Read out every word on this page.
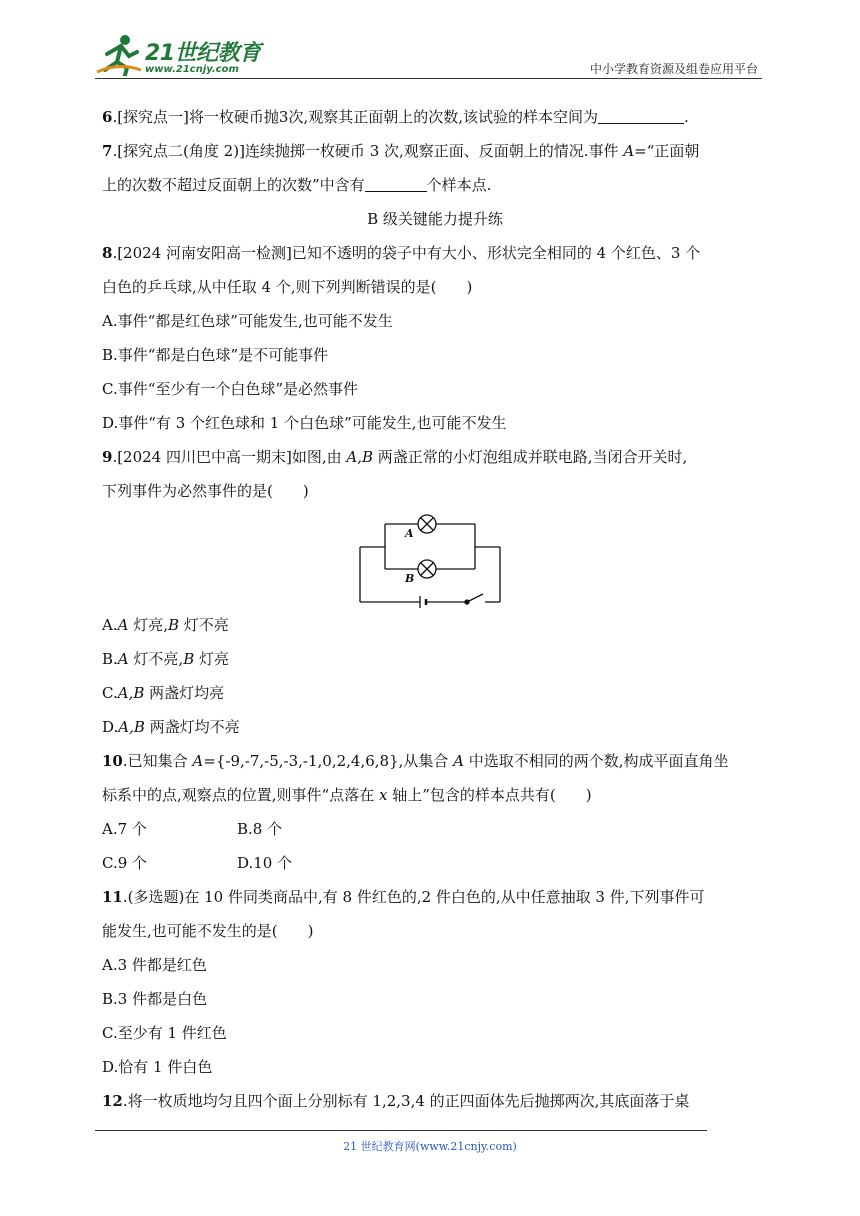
21世纪教育
www.21cnjy.com	中小学教育资源及组卷应用平台
6.[探究点一]将一枚硬币抛3次,观察其正面朝上的次数,该试验的样本空间为	.
7.[探究点二(角度 2)]连续抛掷一枚硬币 3 次,观察正面、反面朝上的情况.事件 A=“正面朝
上的次数不超过反面朝上的次数”中含有	个样本点.
B 级关键能力提升练
8.[2024 河南安阳高一检测]已知不透明的袋子中有大小、形状完全相同的 4 个红色、3 个
白色的乒乓球,从中任取 4 个,则下列判断错误的是(　　)
A.事件“都是红色球”可能发生,也可能不发生
B.事件“都是白色球”是不可能事件
C.事件“至少有一个白色球”是必然事件
D.事件“有 3 个红色球和 1 个白色球”可能发生,也可能不发生
9.[2024 四川巴中高一期末]如图,由 A,B 两盏正常的小灯泡组成并联电路,当闭合开关时,
下列事件为必然事件的是(　　)
A
B
A.A 灯亮,B 灯不亮
B.A 灯不亮,B 灯亮
C.A,B 两盏灯均亮
D.A,B 两盏灯均不亮
10.已知集合 A={-9,-7,-5,-3,-1,0,2,4,6,8},从集合 A 中选取不相同的两个数,构成平面直角坐
标系中的点,观察点的位置,则事件“点落在 x 轴上”包含的样本点共有(　　)
A.7 个	B.8 个
C.9 个	D.10 个
11.(多选题)在 10 件同类商品中,有 8 件红色的,2 件白色的,从中任意抽取 3 件,下列事件可
能发生,也可能不发生的是(　　)
A.3 件都是红色
B.3 件都是白色
C.至少有 1 件红色
D.恰有 1 件白色
12.将一枚质地均匀且四个面上分别标有 1,2,3,4 的正四面体先后抛掷两次,其底面落于桌
21 世纪教育网(www.21cnjy.com)
